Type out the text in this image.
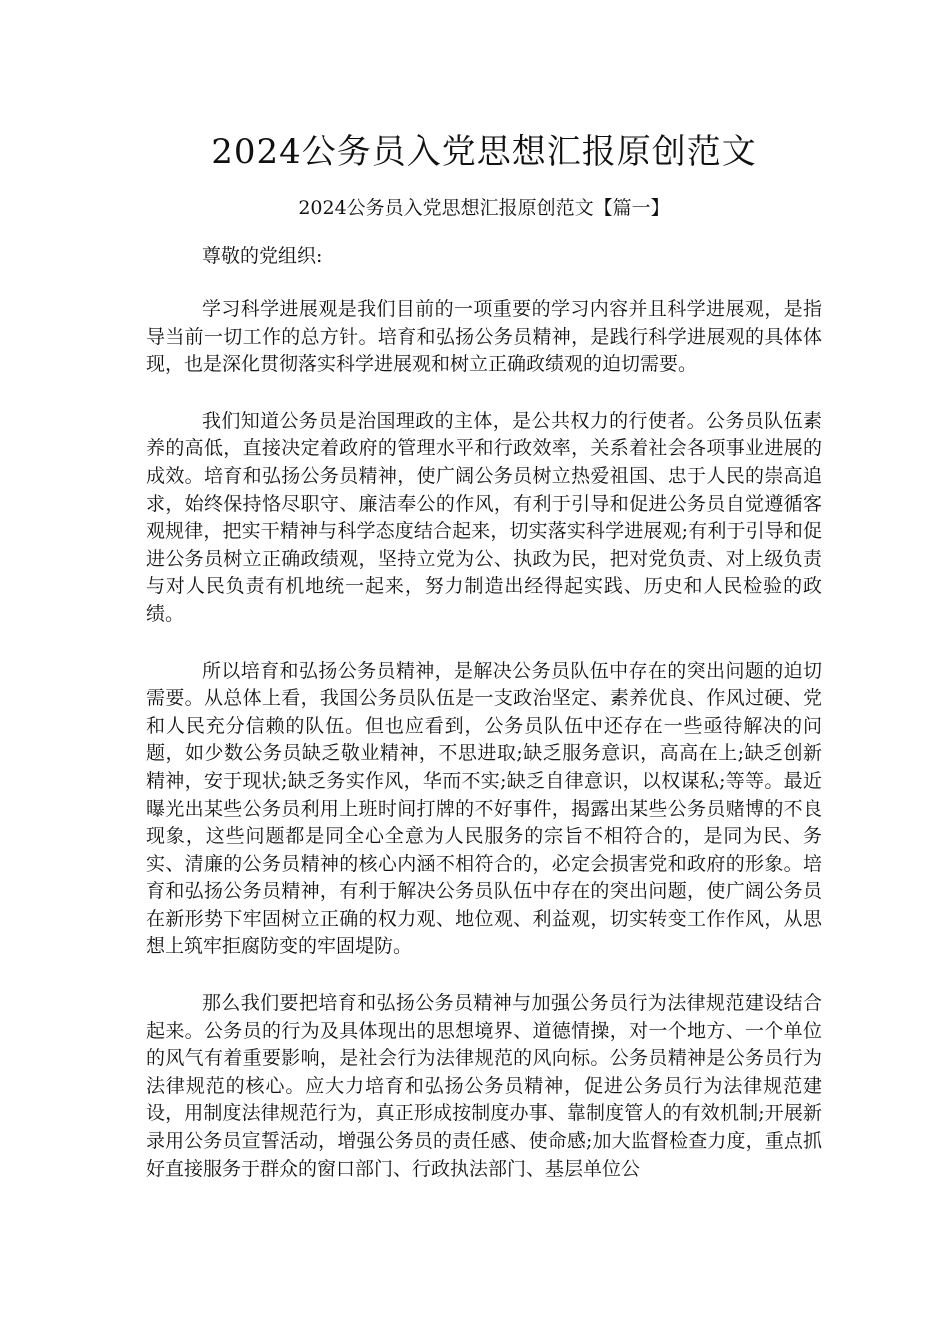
2024公务员入党思想汇报原创范文
2024公务员入党思想汇报原创范文【篇一】

尊敬的党组织:

学习科学进展观是我们目前的一项重要的学习内容并且科学进展观，是指导当前一切工作的总方针。培育和弘扬公务员精神，是践行科学进展观的具体体现，也是深化贯彻落实科学进展观和树立正确政绩观的迫切需要。

我们知道公务员是治国理政的主体，是公共权力的行使者。公务员队伍素养的高低，直接决定着政府的管理水平和行政效率，关系着社会各项事业进展的成效。培育和弘扬公务员精神，使广阔公务员树立热爱祖国、忠于人民的崇高追求，始终保持恪尽职守、廉洁奉公的作风，有利于引导和促进公务员自觉遵循客观规律，把实干精神与科学态度结合起来，切实落实科学进展观;有利于引导和促进公务员树立正确政绩观，坚持立党为公、执政为民，把对党负责、对上级负责与对人民负责有机地统一起来，努力制造出经得起实践、历史和人民检验的政绩。

所以培育和弘扬公务员精神，是解决公务员队伍中存在的突出问题的迫切需要。从总体上看，我国公务员队伍是一支政治坚定、素养优良、作风过硬、党和人民充分信赖的队伍。但也应看到，公务员队伍中还存在一些亟待解决的问题，如少数公务员缺乏敬业精神，不思进取;缺乏服务意识，高高在上;缺乏创新精神，安于现状;缺乏务实作风，华而不实;缺乏自律意识，以权谋私;等等。最近曝光出某些公务员利用上班时间打牌的不好事件，揭露出某些公务员赌博的不良现象，这些问题都是同全心全意为人民服务的宗旨不相符合的，是同为民、务实、清廉的公务员精神的核心内涵不相符合的，必定会损害党和政府的形象。培育和弘扬公务员精神，有利于解决公务员队伍中存在的突出问题，使广阔公务员在新形势下牢固树立正确的权力观、地位观、利益观，切实转变工作作风，从思想上筑牢拒腐防变的牢固堤防。

那么我们要把培育和弘扬公务员精神与加强公务员行为法律规范建设结合起来。公务员的行为及具体现出的思想境界、道德情操，对一个地方、一个单位的风气有着重要影响，是社会行为法律规范的风向标。公务员精神是公务员行为法律规范的核心。应大力培育和弘扬公务员精神，促进公务员行为法律规范建设，用制度法律规范行为，真正形成按制度办事、靠制度管人的有效机制;开展新录用公务员宣誓活动，增强公务员的责任感、使命感;加大监督检查力度，重点抓好直接服务于群众的窗口部门、行政执法部门、基层单位公
